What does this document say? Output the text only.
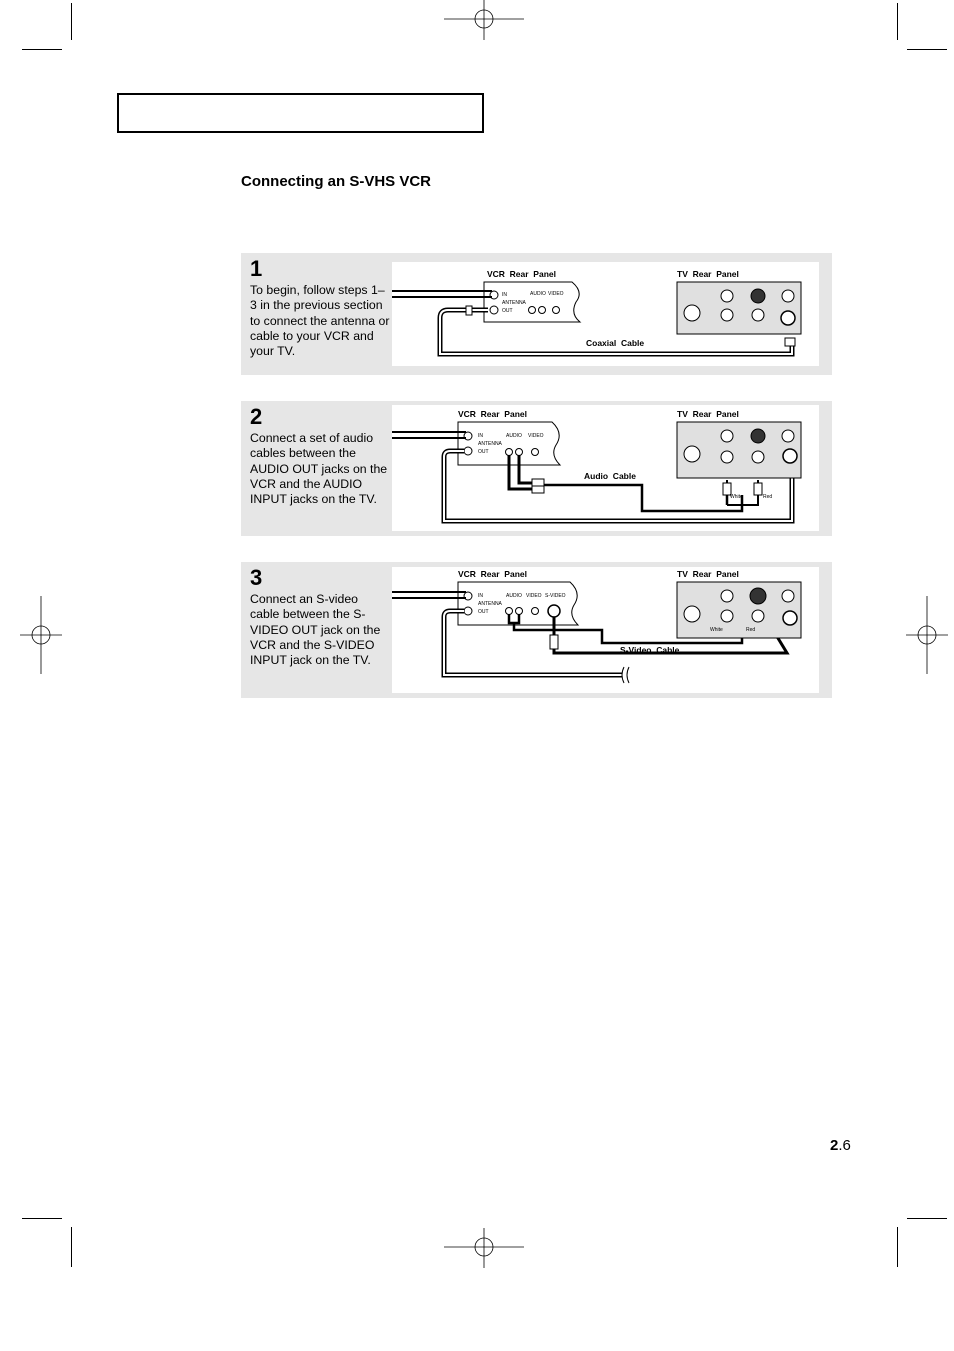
Connecting an S-VHS VCR
1

To begin, follow steps 1–3 in the previous section to connect the antenna or cable to your VCR and your TV.

VCR  Rear  Panel	TV  Rear  Panel
IN
ANTENNA
OUT
AUDIO VIDEO
Coaxial  Cable
2

Connect a set of audio cables between the AUDIO OUT jacks on the VCR and the AUDIO INPUT jacks on the TV.

VCR  Rear  Panel	TV  Rear  Panel
IN
ANTENNA
OUT
AUDIO VIDEO
Audio  Cable
White	Red
3

Connect an S-video cable between the S-VIDEO OUT jack on the VCR and the S-VIDEO INPUT jack on the TV.

VCR  Rear  Panel	TV  Rear  Panel
IN
ANTENNA
OUT
AUDIO VIDEO S-VIDEO
S-Video  Cable
White	Red
2.6
